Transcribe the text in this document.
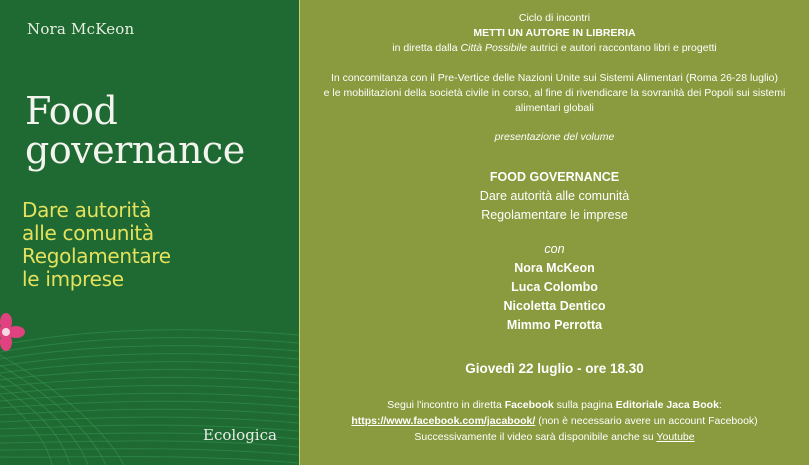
Nora McKeon
Food
governance
Dare autorità
alle comunità
Regolamentare
le imprese
Ecologica
Ciclo di incontri
METTI UN AUTORE IN LIBRERIA
in diretta dalla Città Possibile autrici e autori raccontano libri e progetti
In concomitanza con il Pre-Vertice delle Nazioni Unite sui Sistemi Alimentari (Roma 26-28 luglio)
e le mobilitazioni della società civile in corso, al fine di rivendicare la sovranità dei Popoli sui sistemi
alimentari globali
presentazione del volume
FOOD GOVERNANCE
Dare autorità alle comunità
Regolamentare le imprese
con
Nora McKeon
Luca Colombo
Nicoletta Dentico
Mimmo Perrotta
Giovedì 22 luglio - ore 18.30
Segui l'incontro in diretta Facebook sulla pagina Editoriale Jaca Book:
https://www.facebook.com/jacabook/ (non è necessario avere un account Facebook)
Successivamente il video sarà disponibile anche su Youtube
